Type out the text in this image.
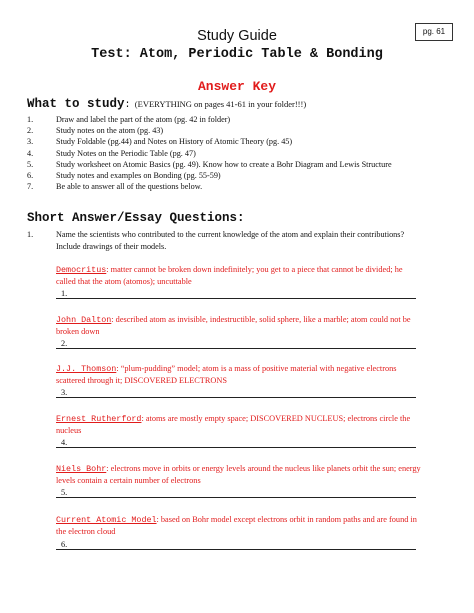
pg. 61
Study Guide
Test: Atom, Periodic Table & Bonding
Answer Key
What to study: (EVERYTHING on pages 41-61 in your folder!!!)
1.	Draw and label the part of the atom (pg. 42 in folder)
2.	Study notes on the atom (pg. 43)
3.	Study Foldable (pg.44) and Notes on History of Atomic Theory (pg. 45)
4.	Study Notes on the Periodic Table (pg. 47)
5.	Study worksheet on Atomic Basics (pg. 49). Know how to create a Bohr Diagram and Lewis Structure
6.	Study notes and examples on Bonding (pg. 55-59)
7.	Be able to answer all of the questions below.
Short Answer/Essay Questions:
1.	Name the scientists who contributed to the current knowledge of the atom and explain their contributions? Include drawings of their models.
Democritus: matter cannot be broken down indefinitely; you get to a piece that cannot be divided; he called that the atom (atomos); uncuttable
1.
John Dalton: described atom as invisible, indestructible, solid sphere, like a marble; atom could not be broken down
2.
J.J. Thomson: “plum-pudding” model; atom is a mass of positive material with negative electrons scattered through it; DISCOVERED ELECTRONS
3.
Ernest Rutherford: atoms are mostly empty space; DISCOVERED NUCLEUS; electrons circle the nucleus
4.
Niels Bohr: electrons move in orbits or energy levels around the nucleus like planets orbit the sun; energy levels contain a certain number of electrons
5.
Current Atomic Model: based on Bohr model except electrons orbit in random paths and are found in the electron cloud
6.
